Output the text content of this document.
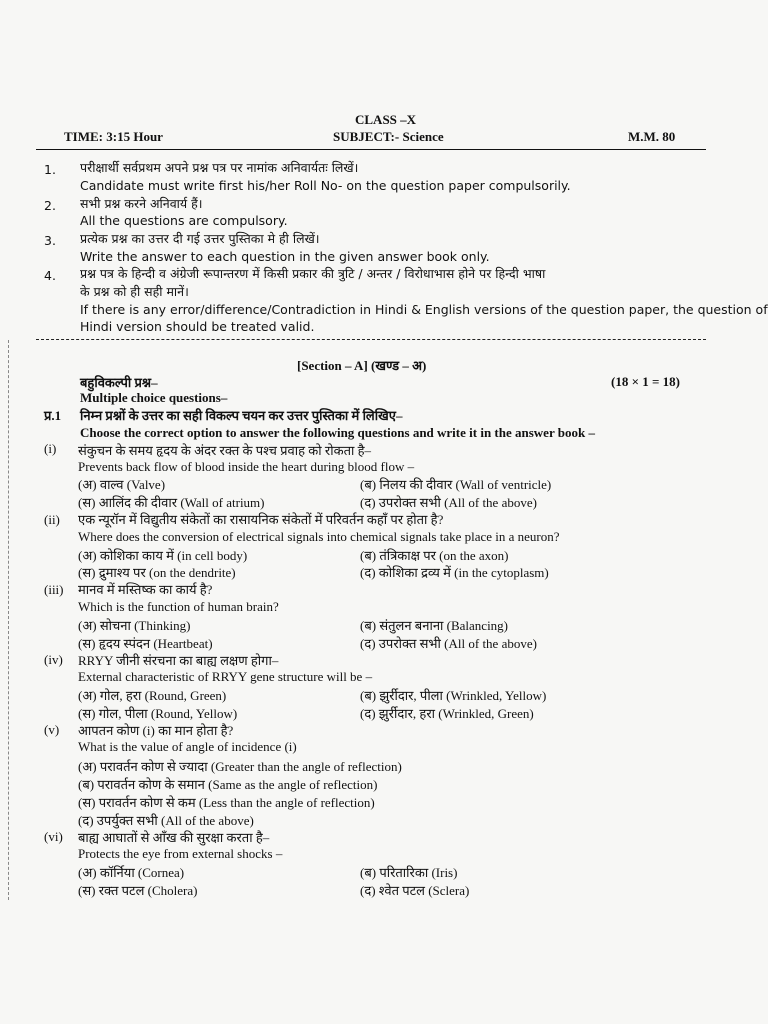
CLASS –X
TIME: 3:15 Hour	SUBJECT:- Science	M.M. 80
1. परीक्षार्थी सर्वप्रथम अपने प्रश्न पत्र पर नामांक अनिवार्यतः लिखें।
Candidate must write first his/her Roll No- on the question paper compulsorily.
2. सभी प्रश्न करने अनिवार्य हैं।
All the questions are compulsory.
3. प्रत्येक प्रश्न का उत्तर दी गई उत्तर पुस्तिका मे ही लिखें।
Write the answer to each question in the given answer book only.
4. प्रश्न पत्र के हिन्दी व अंग्रेजी रूपान्तरण में किसी प्रकार की त्रुटि / अन्तर / विरोधाभास होने पर हिन्दी भाषा
के प्रश्न को ही सही मानें।
If there is any error/difference/Contradiction in Hindi & English versions of the question paper, the question of
Hindi version should be treated valid.
[Section – A] (खण्ड – अ)
बहुविकल्पी प्रश्न–	(18 × 1 = 18)
Multiple choice questions–
प्र.1 निम्न प्रश्नों के उत्तर का सही विकल्प चयन कर उत्तर पुस्तिका में लिखिए–
Choose the correct option to answer the following questions and write it in the answer book –
(i) संकुचन के समय हृदय के अंदर रक्त के पश्च प्रवाह को रोकता है–
Prevents back flow of blood inside the heart during blood flow –
(अ) वाल्व (Valve)	(ब) निलय की दीवार (Wall of ventricle)
(स) आलिंद की दीवार (Wall of atrium)	(द) उपरोक्त सभी (All of the above)
(ii) एक न्यूरॉन में विद्युतीय संकेतों का रासायनिक संकेतों में परिवर्तन कहाँ पर होता है?
Where does the conversion of electrical signals into chemical signals take place in a neuron?
(अ) कोशिका काय में (in cell body)	(ब) तंत्रिकाक्ष पर (on the axon)
(स) द्रुमाश्य पर (on the dendrite)	(द) कोशिका द्रव्य में (in the cytoplasm)
(iii) मानव में मस्तिष्क का कार्य है?
Which is the function of human brain?
(अ) सोचना (Thinking)	(ब) संतुलन बनाना (Balancing)
(स) हृदय स्पंदन (Heartbeat)	(द) उपरोक्त सभी (All of the above)
(iv) RRYY जीनी संरचना का बाह्य लक्षण होगा–
External characteristic of RRYY gene structure will be –
(अ) गोल, हरा (Round, Green)	(ब) झुर्रीदार, पीला (Wrinkled, Yellow)
(स) गोल, पीला (Round, Yellow)	(द) झुर्रीदार, हरा (Wrinkled, Green)
(v) आपतन कोण (i) का मान होता है?
What is the value of angle of incidence (i)
(अ) परावर्तन कोण से ज्यादा (Greater than the angle of reflection)
(ब) परावर्तन कोण के समान (Same as the angle of reflection)
(स) परावर्तन कोण से कम (Less than the angle of reflection)
(द) उपर्युक्त सभी (All of the above)
(vi) बाह्य आघातों से आँख की सुरक्षा करता है–
Protects the eye from external shocks –
(अ) कॉर्निया (Cornea)	(ब) परितारिका (Iris)
(स) रक्त पटल (Cholera)	(द) श्वेत पटल (Sclera)
